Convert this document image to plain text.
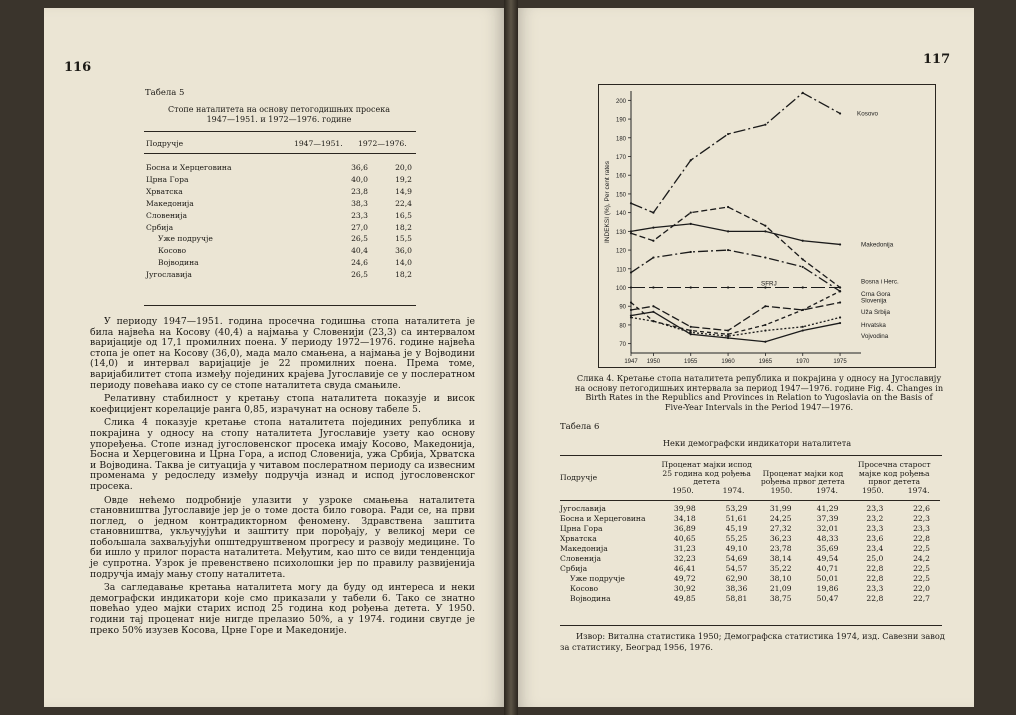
116
Табела 5
Стопе наталитета на основу петогодишњих просека
1947—1951. и 1972—1976. године
Подручје	1947—1951. 1972—1976.
Босна и Херцеговина	36,6	20,0
Црна Гора	40,0	19,2
Хрватска	23,8	14,9
Македонија	38,3	22,4
Словенија	23,3	16,5
Србија	27,0	18,2
Уже подручје	26,5	15,5
Косово	40,4	36,0
Војводина	24,6	14,0
Југославија	26,5	18,2

У периоду 1947—1951. година просечна годишња стопа наталитета је била највећа на Косову (40,4) а најмања у Словенији (23,3) са интервалом варијације од 17,1 промилних поена. У периоду 1972—1976. године највећа стопа је опет на Косову (36,0), мада мало смањена, а најмања је у Војводини (14,0) и интервал варијације је 22 промилних поена. Према томе, варијабилитет стопа између појединих крајева Југославије се у послератном периоду повећава иако су се стопе наталитета свуда смањиле.

Релативну стабилност у кретању стопа наталитета показује и висок коефицијент корелације ранга 0,85, израчунат на основу табеле 5.

Слика 4 показује кретање стопа наталитета појединих република и покрајина у односу на стопу наталитета Југославије узету као основу упоређења. Стопе изнад југословенског просека имају Косово, Македонија, Босна и Херцеговина и Црна Гора, а испод Словенија, ужа Србија, Хрватска и Војводина. Таква је ситуација у читавом послератном периоду са извесним променама у редоследу између подручја изнад и испод југословенског просека.

Овде нећемо подробније улазити у узроке смањења наталитета становништва Југославије јер је о томе доста било говора. Ради се, на први поглед, о једном контрадикторном феномену. Здравствена заштита становништва, укључујући и заштиту при порођају, у великој мери се побољшала захваљујући општедруштвеном прогресу и развоју медицине. То би ишло у прилог пораста наталитета. Међутим, као што се види тенденција је супротна. Узрок је превенствено психолошки јер по правилу развијенија подручја имају мању стопу наталитета.

За сагледавање кретања наталитета могу да буду од интереса и неки демографски индикатори које смо приказали у табели 6. Тако се знатно повећао удео мајки старих испод 25 година код рођења детета. У 1950. години тај проценат није нигде прелазио 50%, а у 1974. години свугде је преко 50% изузев Косова, Црне Горе и Македоније.

117
70
80
90
100
110
120
130
140
150
160
170
180
190
200
1947 1950	1955	1960	1965	1970	1975
INDEKSI (%), Per cent rates
Kosovo
Makedonija
Bosna i Herc.
Crna Gora
Slovenija
SFRJ
Uža Srbija
Hrvatska
Vojvodina
Слика 4. Кретање стопа наталитета република и покрајина у односу на Југославију на основу петогодишњих интервала за период 1947—1976. године Fig. 4. Changes in Birth Rates in the Republics and Provinces in Relation to Yugoslavia on the Basis of Five-Year Intervals in the Period 1947—1976.
Табела 6
Неки демографски индикатори наталитета
Подручје	Проценат мајки испод 25 година код рођења детета		Проценат мајки код рођења првог детета		Просечна старост мајке код рођења првог детета	
	1950.	1974.	1950.	1974.	1950.	1974.

Југославија	39,98	53,29	31,99	41,29	23,3	22,6
Босна и Херцеговина	34,18	51,61	24,25	37,39	23,2	22,3
Црна Гора	36,89	45,19	27,32	32,01	23,3	23,3
Хрватска	40,65	55,25	36,23	48,33	23,6	22,8
Македонија	31,23	49,10	23,78	35,69	23,4	22,5
Словенија	32,23	54,69	38,14	49,54	25,0	24,2
Србија	46,41	54,57	35,22	40,71	22,8	22,5
Уже подручје	49,72	62,90	38,10	50,01	22,8	22,5
Косово	30,92	38,36	21,09	19,86	23,3	22,0
Војводина	49,85	58,81	38,75	50,47	22,8	22,7
Извор: Витална статистика 1950; Демографска статистика 1974, изд. Савезни завод за статистику, Београд 1956, 1976.
